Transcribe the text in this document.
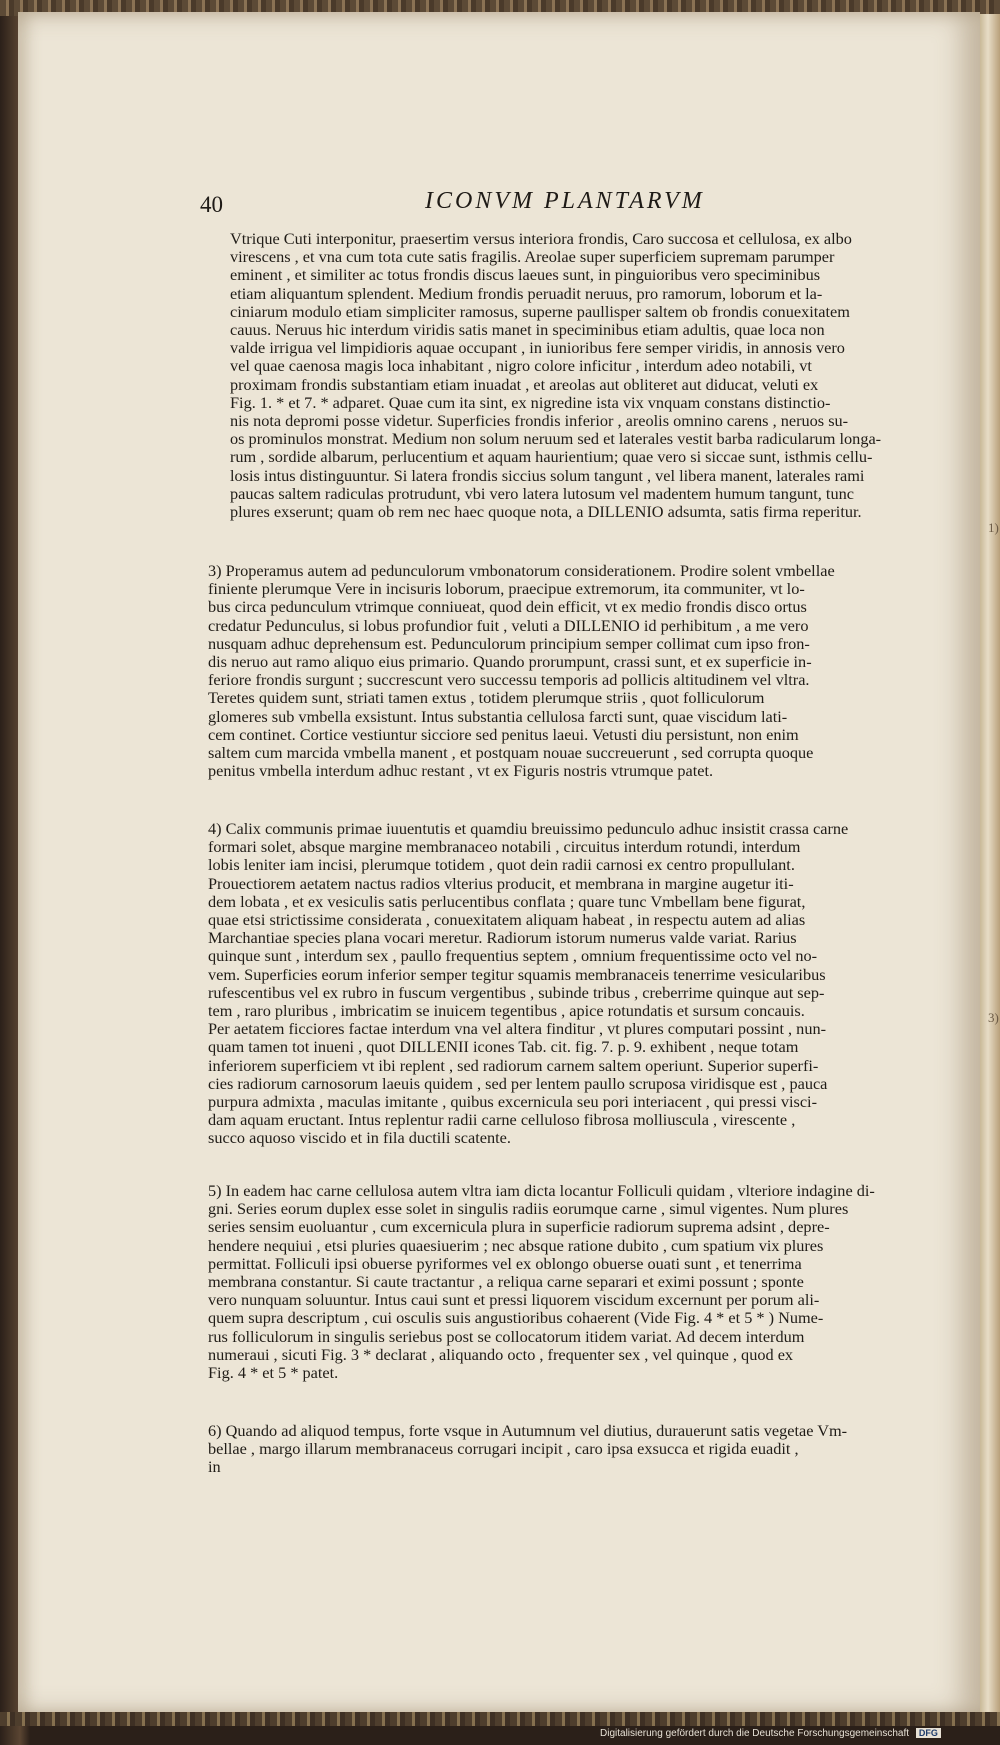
1)
3)
40	ICONVM PLANTARVM
Vtrique Cuti interponitur, praesertim versus interiora frondis, Caro succosa et cellulosa, ex albo
virescens , et vna cum tota cute satis fragilis. Areolae super superficiem supremam parumper
eminent , et similiter ac totus frondis discus laeues sunt, in pinguioribus vero speciminibus
etiam aliquantum splendent. Medium frondis peruadit neruus, pro ramorum, loborum et la-
ciniarum modulo etiam simpliciter ramosus, superne paullisper saltem ob frondis conuexitatem
cauus. Neruus hic interdum viridis satis manet in speciminibus etiam adultis, quae loca non
valde irrigua vel limpidioris aquae occupant , in iunioribus fere semper viridis, in annosis vero
vel quae caenosa magis loca inhabitant , nigro colore inficitur , interdum adeo notabili, vt
proximam frondis substantiam etiam inuadat , et areolas aut obliteret aut diducat, veluti ex
Fig. 1. * et 7. * adparet. Quae cum ita sint, ex nigredine ista vix vnquam constans distinctio-
nis nota depromi posse videtur. Superficies frondis inferior , areolis omnino carens , neruos su-
os prominulos monstrat. Medium non solum neruum sed et laterales vestit barba radicularum longa-
rum , sordide albarum, perlucentium et aquam haurientium; quae vero si siccae sunt, isthmis cellu-
losis intus distinguuntur. Si latera frondis siccius solum tangunt , vel libera manent, laterales rami
paucas saltem radiculas protrudunt, vbi vero latera lutosum vel madentem humum tangunt, tunc
plures exserunt; quam ob rem nec haec quoque nota, a DILLENIO adsumta, satis firma reperitur.
3) Properamus autem ad pedunculorum vmbonatorum considerationem. Prodire solent vmbellae
finiente plerumque Vere in incisuris loborum, praecipue extremorum, ita communiter, vt lo-
bus circa pedunculum vtrimque conniueat, quod dein efficit, vt ex medio frondis disco ortus
credatur Pedunculus, si lobus profundior fuit , veluti a DILLENIO id perhibitum , a me vero
nusquam adhuc deprehensum est. Pedunculorum principium semper collimat cum ipso fron-
dis neruo aut ramo aliquo eius primario. Quando prorumpunt, crassi sunt, et ex superficie in-
feriore frondis surgunt ; succrescunt vero successu temporis ad pollicis altitudinem vel vltra.
Teretes quidem sunt, striati tamen extus , totidem plerumque striis , quot folliculorum
glomeres sub vmbella exsistunt. Intus substantia cellulosa farcti sunt, quae viscidum lati-
cem continet. Cortice vestiuntur sicciore sed penitus laeui. Vetusti diu persistunt, non enim
saltem cum marcida vmbella manent , et postquam nouae succreuerunt , sed corrupta quoque
penitus vmbella interdum adhuc restant , vt ex Figuris nostris vtrumque patet.
4) Calix communis primae iuuentutis et quamdiu breuissimo pedunculo adhuc insistit crassa carne
formari solet, absque margine membranaceo notabili , circuitus interdum rotundi, interdum
lobis leniter iam incisi, plerumque totidem , quot dein radii carnosi ex centro propullulant.
Prouectiorem aetatem nactus radios vlterius producit, et membrana in margine augetur iti-
dem lobata , et ex vesiculis satis perlucentibus conflata ; quare tunc Vmbellam bene figurat,
quae etsi strictissime considerata , conuexitatem aliquam habeat , in respectu autem ad alias
Marchantiae species plana vocari meretur. Radiorum istorum numerus valde variat. Rarius
quinque sunt , interdum sex , paullo frequentius septem , omnium frequentissime octo vel no-
vem. Superficies eorum inferior semper tegitur squamis membranaceis tenerrime vesicularibus
rufescentibus vel ex rubro in fuscum vergentibus , subinde tribus , creberrime quinque aut sep-
tem , raro pluribus , imbricatim se inuicem tegentibus , apice rotundatis et sursum concauis.
Per aetatem ficciores factae interdum vna vel altera finditur , vt plures computari possint , nun-
quam tamen tot inueni , quot DILLENII icones Tab. cit. fig. 7. p. 9. exhibent , neque totam
inferiorem superficiem vt ibi replent , sed radiorum carnem saltem operiunt. Superior superfi-
cies radiorum carnosorum laeuis quidem , sed per lentem paullo scruposa viridisque est , pauca
purpura admixta , maculas imitante , quibus excernicula seu pori interiacent , qui pressi visci-
dam aquam eructant. Intus replentur radii carne celluloso fibrosa molliuscula , virescente ,
succo aquoso viscido et in fila ductili scatente.
5) In eadem hac carne cellulosa autem vltra iam dicta locantur Folliculi quidam , vlteriore indagine di-
gni. Series eorum duplex esse solet in singulis radiis eorumque carne , simul vigentes. Num plures
series sensim euoluantur , cum excernicula plura in superficie radiorum suprema adsint , depre-
hendere nequiui , etsi pluries quaesiuerim ; nec absque ratione dubito , cum spatium vix plures
permittat. Folliculi ipsi obuerse pyriformes vel ex oblongo obuerse ouati sunt , et tenerrima
membrana constantur. Si caute tractantur , a reliqua carne separari et eximi possunt ; sponte
vero nunquam soluuntur. Intus caui sunt et pressi liquorem viscidum excernunt per porum ali-
quem supra descriptum , cui osculis suis angustioribus cohaerent (Vide Fig. 4 * et 5 * ) Nume-
rus folliculorum in singulis seriebus post se collocatorum itidem variat. Ad decem interdum
numeraui , sicuti Fig. 3 * declarat , aliquando octo , frequenter sex , vel quinque , quod ex
Fig. 4 * et 5 * patet.
6) Quando ad aliquod tempus, forte vsque in Autumnum vel diutius, durauerunt satis vegetae Vm-
bellae , margo illarum membranaceus corrugari incipit , caro ipsa exsucca et rigida euadit ,
in
Digitalisierung gefördert durch die Deutsche Forschungsgemeinschaft DFG
